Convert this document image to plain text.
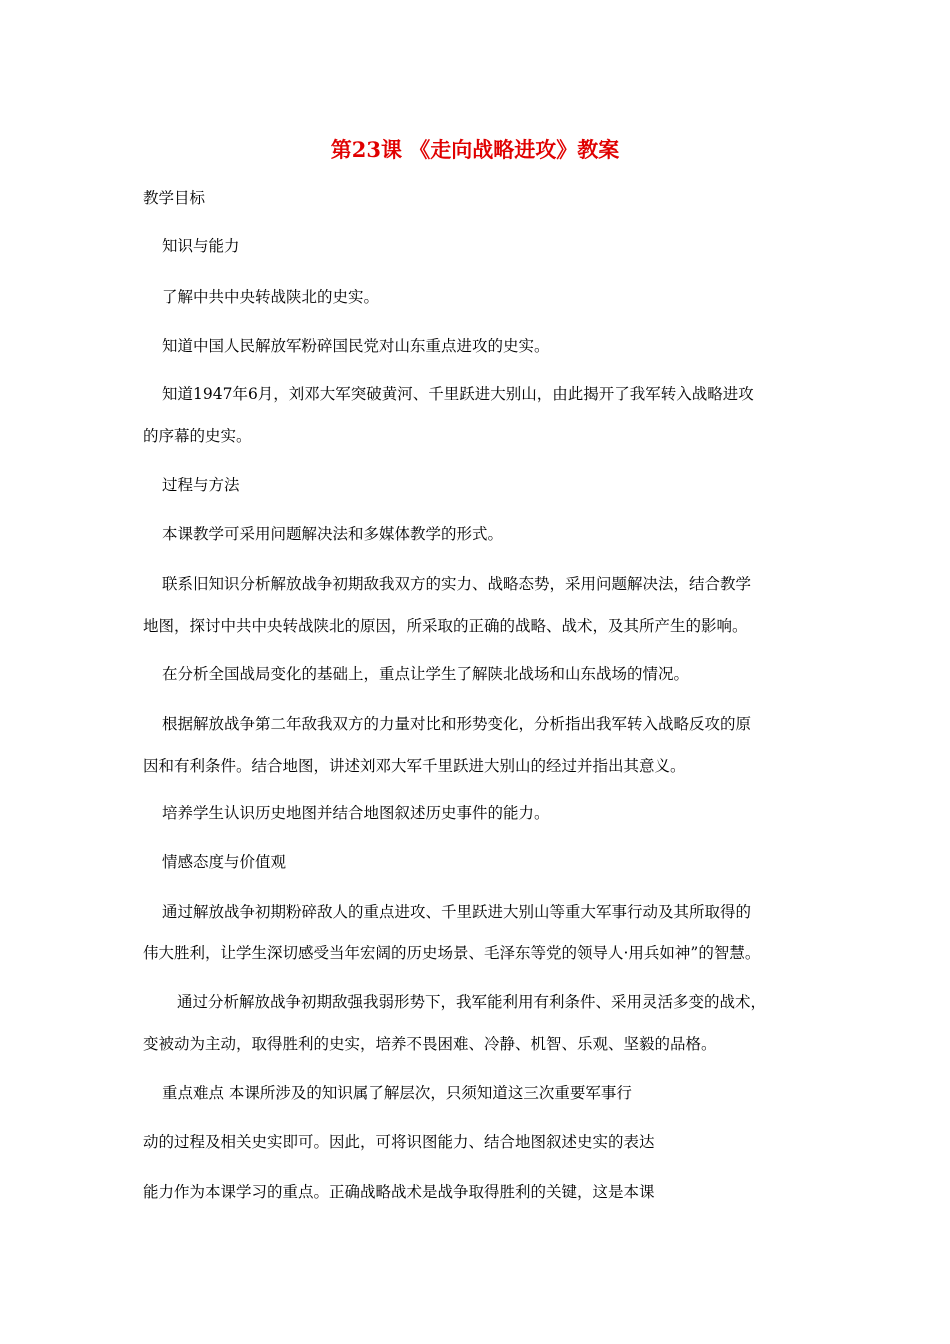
第23课 《走向战略进攻》教案
教学目标
知识与能力
了解中共中央转战陕北的史实。
知道中国人民解放军粉碎国民党对山东重点进攻的史实。
知道1947年6月，刘邓大军突破黄河、千里跃进大别山，由此揭开了我军转入战略进攻
的序幕的史实。
过程与方法
本课教学可采用问题解决法和多媒体教学的形式。
联系旧知识分析解放战争初期敌我双方的实力、战略态势，采用问题解决法，结合教学
地图，探讨中共中央转战陕北的原因，所采取的正确的战略、战术，及其所产生的影响。
在分析全国战局变化的基础上，重点让学生了解陕北战场和山东战场的情况。
根据解放战争第二年敌我双方的力量对比和形势变化，分析指出我军转入战略反攻的原
因和有利条件。结合地图，讲述刘邓大军千里跃进大别山的经过并指出其意义。
培养学生认识历史地图并结合地图叙述历史事件的能力。
情感态度与价值观
通过解放战争初期粉碎敌人的重点进攻、千里跃进大别山等重大军事行动及其所取得的
伟大胜利，让学生深切感受当年宏阔的历史场景、毛泽东等党的领导人·用兵如神”的智慧。
通过分析解放战争初期敌强我弱形势下，我军能利用有利条件、采用灵活多变的战术，
变被动为主动，取得胜利的史实，培养不畏困难、冷静、机智、乐观、坚毅的品格。
重点难点 本课所涉及的知识属了解层次，只须知道这三次重要军事行
动的过程及相关史实即可。因此，可将识图能力、结合地图叙述史实的表达
能力作为本课学习的重点。正确战略战术是战争取得胜利的关键，这是本课
